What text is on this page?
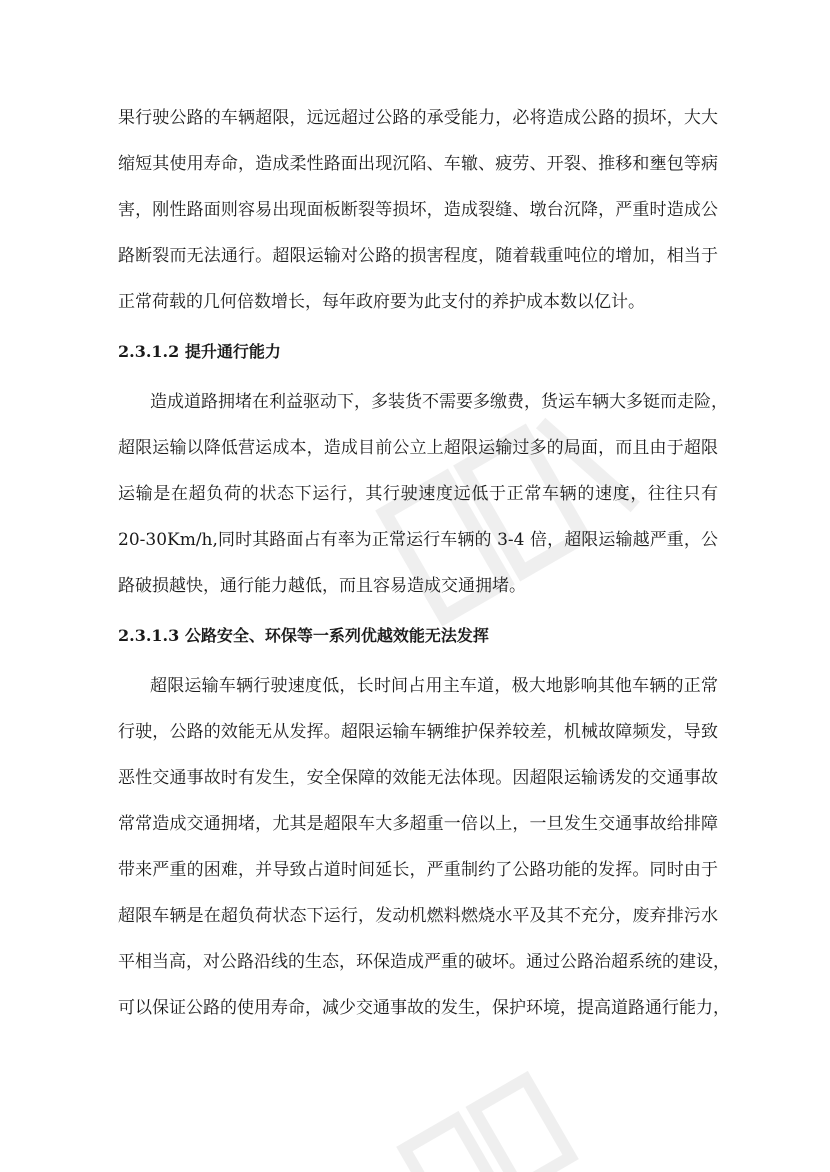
果行驶公路的车辆超限，远远超过公路的承受能力，必将造成公路的损坏，大大
缩短其使用寿命，造成柔性路面出现沉陷、车辙、疲劳、开裂、推移和壅包等病
害，刚性路面则容易出现面板断裂等损坏，造成裂缝、墩台沉降，严重时造成公
路断裂而无法通行。超限运输对公路的损害程度，随着载重吨位的增加，相当于
正常荷载的几何倍数增长，每年政府要为此支付的养护成本数以亿计。
2.3.1.2 提升通行能力
造成道路拥堵在利益驱动下，多装货不需要多缴费，货运车辆大多铤而走险，
超限运输以降低营运成本，造成目前公立上超限运输过多的局面，而且由于超限
运输是在超负荷的状态下运行，其行驶速度远低于正常车辆的速度，往往只有
20-30Km/h,同时其路面占有率为正常运行车辆的 3-4 倍，超限运输越严重，公
路破损越快，通行能力越低，而且容易造成交通拥堵。
2.3.1.3 公路安全、环保等一系列优越效能无法发挥
超限运输车辆行驶速度低，长时间占用主车道，极大地影响其他车辆的正常
行驶，公路的效能无从发挥。超限运输车辆维护保养较差，机械故障频发，导致
恶性交通事故时有发生，安全保障的效能无法体现。因超限运输诱发的交通事故
常常造成交通拥堵，尤其是超限车大多超重一倍以上，一旦发生交通事故给排障
带来严重的困难，并导致占道时间延长，严重制约了公路功能的发挥。同时由于
超限车辆是在超负荷状态下运行，发动机燃料燃烧水平及其不充分，废弃排污水
平相当高，对公路沿线的生态，环保造成严重的破坏。通过公路治超系统的建设，
可以保证公路的使用寿命，减少交通事故的发生，保护环境，提高道路通行能力，
